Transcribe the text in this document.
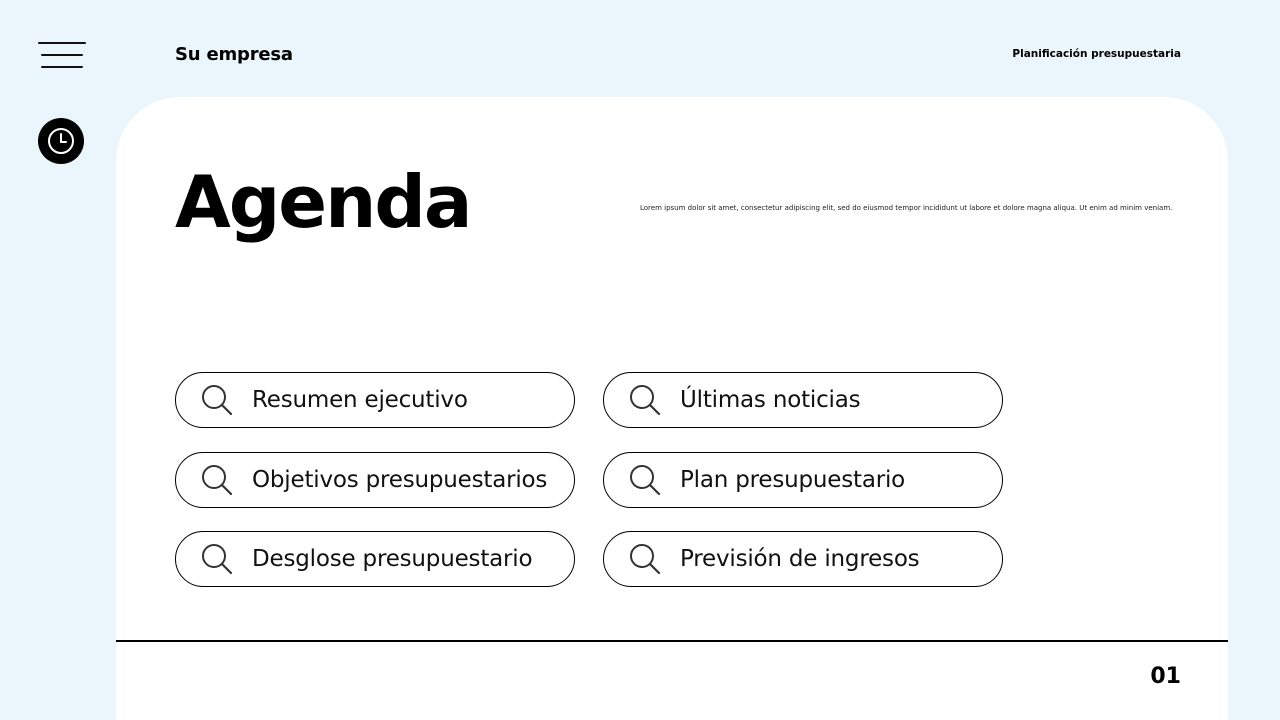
Su empresa	Planificación presupuestaria
Agenda	Lorem ipsum dolor sit amet, consectetur adipiscing elit, sed do eiusmod tempor incididunt ut labore et dolore magna aliqua. Ut enim ad minim veniam.

Resumen ejecutivo	Últimas noticias
Objetivos presupuestarios	Plan presupuestario
Desglose presupuestario	Previsión de ingresos
01
